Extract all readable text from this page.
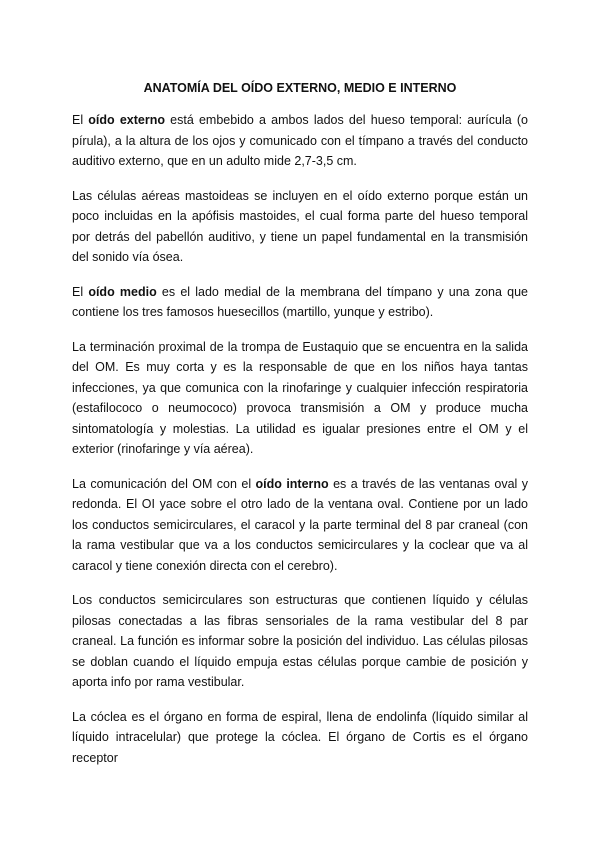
ANATOMÍA DEL OÍDO EXTERNO, MEDIO E INTERNO

El oído externo está embebido a ambos lados del hueso temporal: aurícula (o pírula), a la altura de los ojos y comunicado con el tímpano a través del conducto auditivo externo, que en un adulto mide 2,7-3,5 cm.

Las células aéreas mastoideas se incluyen en el oído externo porque están un poco incluidas en la apófisis mastoides, el cual forma parte del hueso temporal por detrás del pabellón auditivo, y tiene un papel fundamental en la transmisión del sonido vía ósea.

El oído medio es el lado medial de la membrana del tímpano y una zona que contiene los tres famosos huesecillos (martillo, yunque y estribo).

La terminación proximal de la trompa de Eustaquio que se encuentra en la salida del OM. Es muy corta y es la responsable de que en los niños haya tantas infecciones, ya que comunica con la rinofaringe y cualquier infección respiratoria (estafilococo o neumococo) provoca transmisión a OM y produce mucha sintomatología y molestias. La utilidad es igualar presiones entre el OM y el exterior (rinofaringe y vía aérea).

La comunicación del OM con el oído interno es a través de las ventanas oval y redonda. El OI yace sobre el otro lado de la ventana oval. Contiene por un lado los conductos semicirculares, el caracol y la parte terminal del 8 par craneal (con la rama vestibular que va a los conductos semicirculares y la coclear que va al caracol y tiene conexión directa con el cerebro).

Los conductos semicirculares son estructuras que contienen líquido y células pilosas conectadas a las fibras sensoriales de la rama vestibular del 8 par craneal. La función es informar sobre la posición del individuo. Las células pilosas se doblan cuando el líquido empuja estas células porque cambie de posición y aporta info por rama vestibular.

La cóclea es el órgano en forma de espiral, llena de endolinfa (líquido similar al líquido intracelular) que protege la cóclea. El órgano de Cortis es el órgano receptor
